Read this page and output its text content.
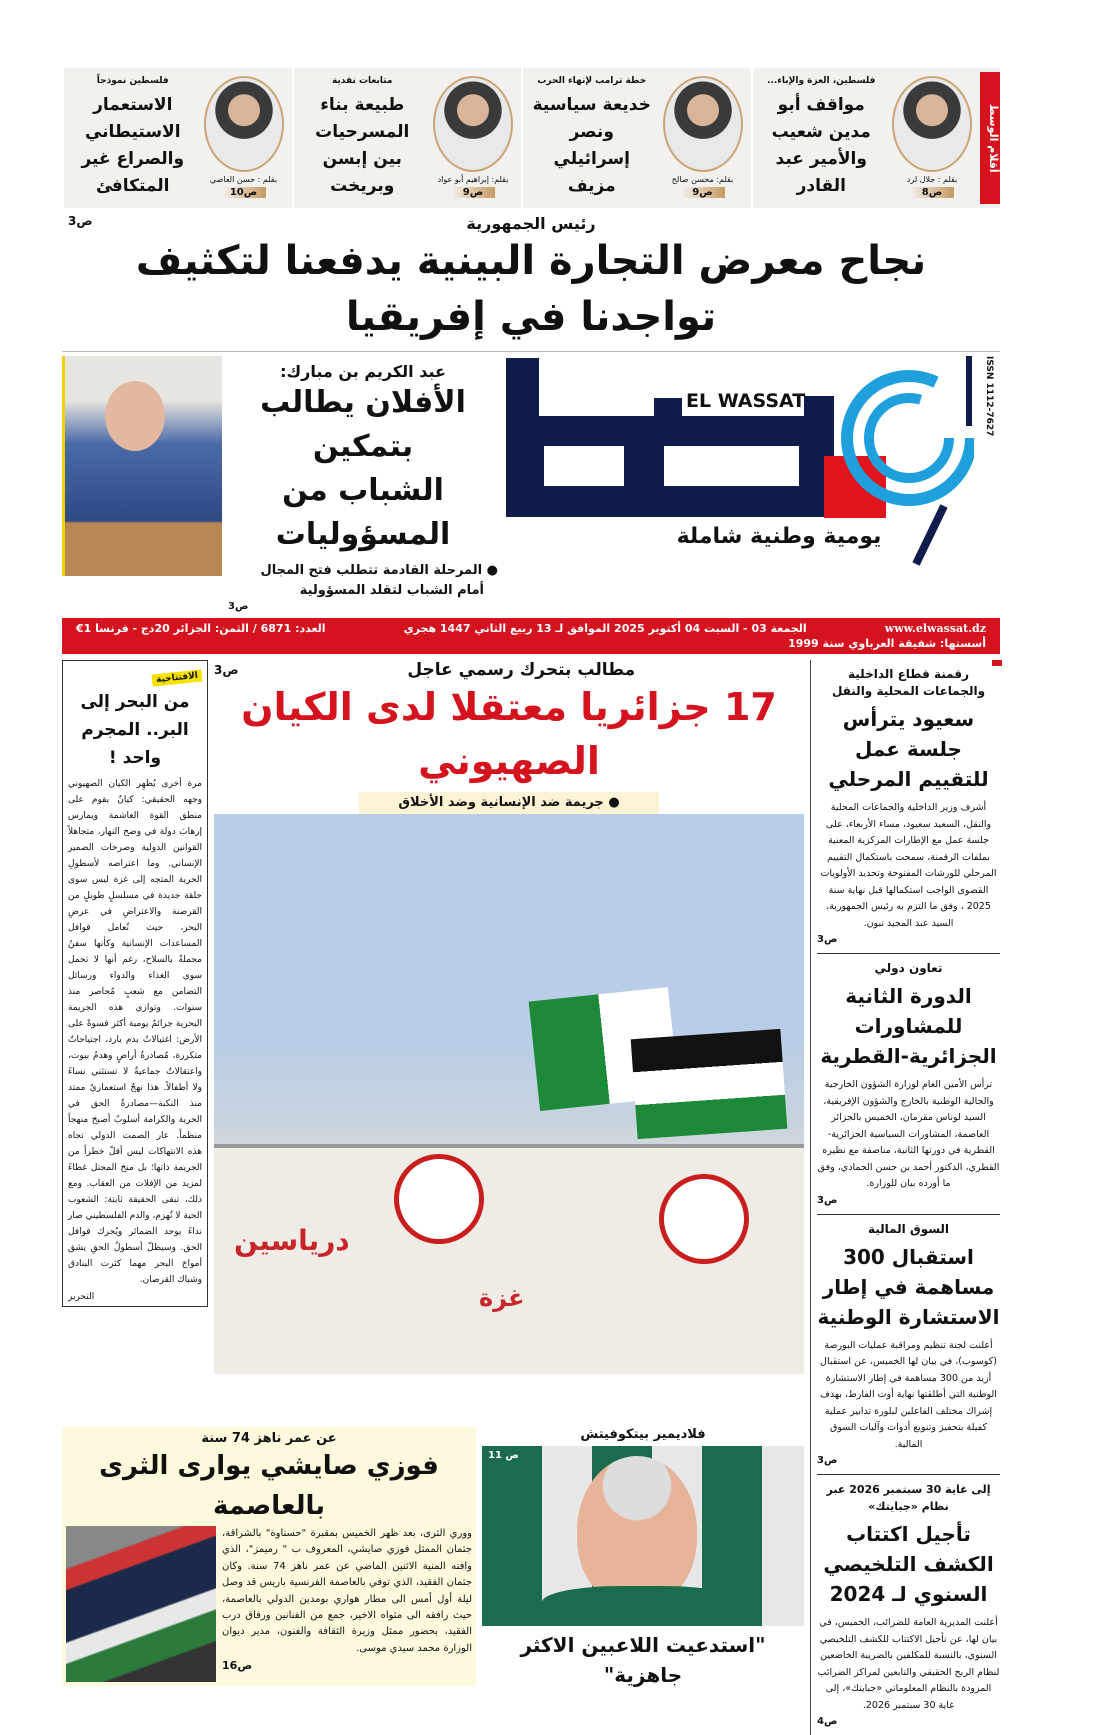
أقلام الوسط
بقلم : جلال لرد
ص8
فلسطين، العزة والإباء...
مواقف أبو مدين شعيب والأمير عبد القادر
بقلم: محسن صالح
ص9
خطة ترامب لإنهاء الحرب
خديعة سياسية ونصر إسرائيلي مزيف
بقلم: إبراهيم أبو عواد
ص9
متابعات نقدية
طبيعة بناء المسرحيات بين إبسن وبريخت
بقلم : حسن العاصي
ص10
فلسطين نموذجاً
الاستعمار الاستيطاني والصراع غير المتكافئ
ص3	رئيس الجمهورية
نجاح معرض التجارة البينية يدفعنا لتكثيف تواجدنا في إفريقيا
عبد الكريم بن مبارك:
الأفلان يطالب بتمكين
الشباب من المسؤوليات
● المرحلة القادمة تتطلب فتح المجال
أمام الشباب لتقلد المسؤولية
ص3
EL WASSAT
يومية وطنية شاملة
ISSN 1112-7627
www.elwassat.dz
الجمعة 03 - السبت 04 أكتوبر 2025 الموافق لـ 13 ربيع الثاني 1447 هجري
العدد: 6871 / الثمن: الجزائر 20دج - فرنسا 1€
أسستها: شفيقة العرباوي سنة 1999
الافتتاحية
من البحر إلى البر.. المجرم واحد !
مرة أخرى يُظهِر الكيان الصهيوني وجهه الحقيقي: كيانٌ يقوم على منطق القوة الغاشمة ويمارس إرهابَ دولة في وضح النهار، متجاهلاً القوانين الدولية وصرخات الضمير الإنساني. وما اعتراضه لأسطولِ الحرية المتجه إلى غزة ليس سوى حلقة جديدة في مسلسلٍ طويلٍ من القرصنة والاعتراضِ في عرضِ البحر، حيث تُعامل قوافل المساعدات الإنسانية وكأنها سفنٌ محملةٌ بالسلاح، رغم أنها لا تحمل سوى الغذاء والدواء ورسائل التضامن مع شعبٍ مُحاصر منذ سنوات. وتوازي هذه الجريمة البحرية جرائمُ يومية أكثر قسوةً على الأرض: اغتيالاتٌ بدم بارد، اجتياحاتٌ متكررة، مُصادرةُ أراضٍ وهدمُ بيوت، واعتقالاتٌ جماعيةٌ لا تستثني نساءً ولا أطفالاً. هذا نهجٌ استعماريٌ ممتد منذ النكبة—مصادرةُ الحق في الحرية والكرامة أسلوبٌ أصبحَ منهجاً منظماً. عار الصمت الدولي تجاه هذه الانتهاكات ليس أقلّ خطراً من الجريمة ذاتها؛ بل منحَ المحتل غطاءً لمزيد من الإفلات من العقاب. ومع ذلك، تبقى الحقيقة ثابتة: الشعوب الحية لا تُهزم، والدم الفلسطيني صار نداءً يوحد الضمائر ويُحرك قوافل الحق. وسيظلّ أسطولُ الحقِ يشق أمواجَ البحر مهما كثرت البنادق وشباك القرصان.
التحرير
مطالب بتحرك رسمي عاجل
ص3
17 جزائريا معتقلا لدى الكيان الصهيوني
● جريمة ضد الإنسانية وضد الأخلاق
درياسين
غزة
رقمنة قطاع الداخلية والجماعات المحلية والنقل
سعيود يترأس جلسة عمل للتقييم المرحلي
أشرف وزير الداخلية والجماعات المحلية والنقل، السعيد سعيود، مساء الأربعاء، على جلسة عمل مع الإطارات المركزية المعنية بملفات الرقمنة، سمحت باستكمال التقييم المرحلي للورشات المفتوحة وتحديد الأولويات القصوى الواجب استكمالها قبل نهاية سنة 2025 ، وفق ما التزم به رئيس الجمهورية، السيد عبد المجيد تبون.
ص3
تعاون دولي
الدورة الثانية للمشاورات الجزائرية-القطرية
ترأس الأمين العام لوزارة الشؤون الخارجية والجالية الوطنية بالخارج والشؤون الإفريقية، السيد لوناس مقرمان، الخميس بالجزائر العاصمة، المشاورات السياسية الجزائرية-القطرية في دورتها الثانية، مناصفة مع نظيره القطري، الدكتور أحمد بن حسن الحمادي، وفق ما أورده بيان للوزارة.
ص3
السوق المالية
استقبال 300 مساهمة في إطار الاستشارة الوطنية
أعلنت لجنة تنظيم ومراقبة عمليات البورصة (كوسوب)، في بيان لها الخميس، عن استقبال أزيد من 300 مساهمة في إطار الاستشارة الوطنية التي أطلقتها نهاية أوت الفارط، بهدف إشراك مختلف الفاعلين لبلورة تدابير عملية كفيلة بتحفيز وتنويع أدوات وآليات السوق المالية.
ص3
إلى غاية 30 سبتمبر 2026 عبر نظام «جبايتك»
تأجيل اكتتاب الكشف التلخيصي السنوي لـ 2024
أعلنت المديرية العامة للضرائب، الخميس، في بيان لها، عن تأجيل الاكتتاب للكشف التلخيصي السنوي، بالنسبة للمكلفين بالضريبة الخاضعين لنظام الربح الحقيقي والتابعين لمراكز الضرائب المزودة بالنظام المعلوماتي «جبايتك»، إلى غاية 30 سبتمبر 2026.
ص4
عن عمر ناهز 74 سنة
فوزي صايشي يوارى الثرى بالعاصمة
ووري الثرى، بعد ظهر الخميس بمقبرة "حسناوة" بالشراقة، جثمان الممثل فوزي صايشي، المعروف ب " رميمز"، الذي وافته المنية الاثنين الماضي عن عمر ناهز 74 سنة. وكان جثمان الفقيد، الذي توفي بالعاصمة الفرنسية باريس قد وصل ليلة أول أمس الى مطار هواري بومدين الدولي بالعاصمة، حيث رافقه الى مثواه الاخير، جمع من الفنانين ورفاق درب الفقيد، بحضور ممثل وزيرة الثقافة والفنون، مدير ديوان الوزارة محمد سيدي موسى.
ص16
فلاديمير بيتكوفيتش
ص 11
"استدعيت اللاعبين الاكثر جاهزية"
